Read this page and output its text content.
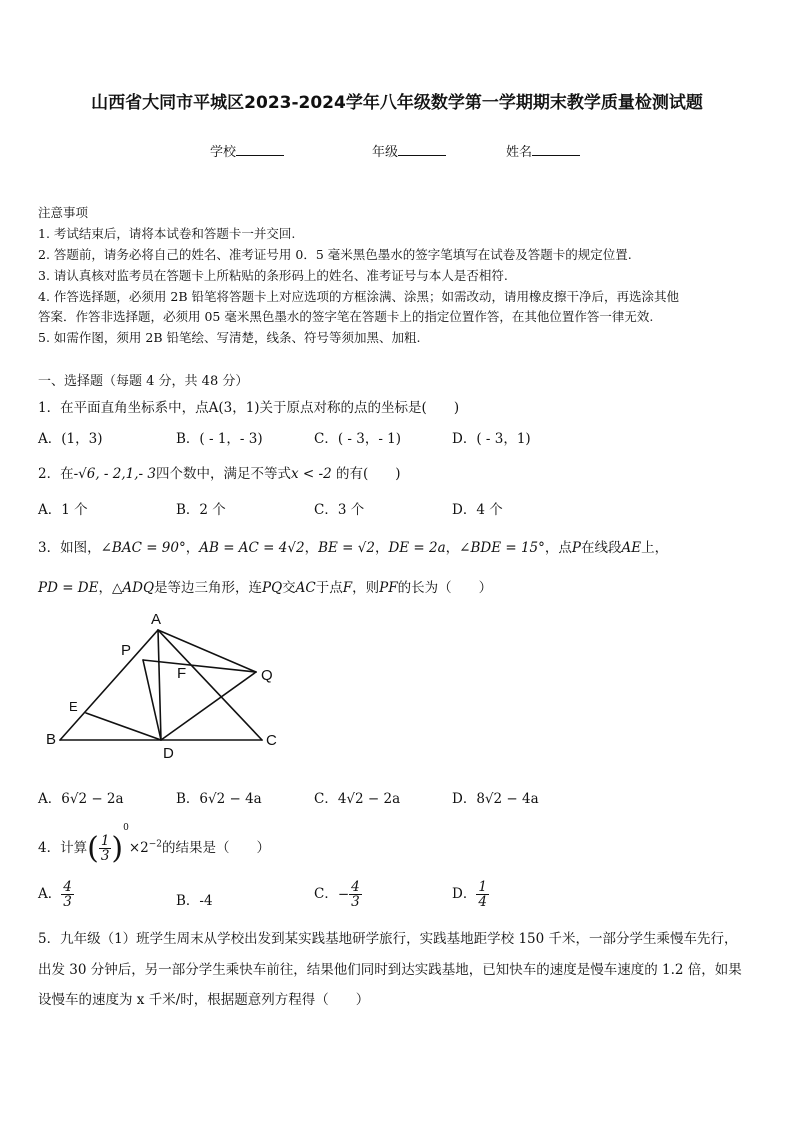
山西省大同市平城区2023-2024学年八年级数学第一学期期末教学质量检测试题
学校	年级	姓名
注意事项
1. 考试结束后，请将本试卷和答题卡一并交回.
2. 答题前，请务必将自己的姓名、准考证号用 0．5 毫米黑色墨水的签字笔填写在试卷及答题卡的规定位置.
3. 请认真核对监考员在答题卡上所粘贴的条形码上的姓名、准考证号与本人是否相符.
4. 作答选择题，必须用 2B 铅笔将答题卡上对应选项的方框涂满、涂黑；如需改动，请用橡皮擦干净后，再选涂其他
答案．作答非选择题，必须用 05 毫米黑色墨水的签字笔在答题卡上的指定位置作答，在其他位置作答一律无效.
5. 如需作图，须用 2B 铅笔绘、写清楚，线条、符号等须加黑、加粗.
一、选择题（每题 4 分，共 48 分）
1．在平面直角坐标系中，点A(3，1)关于原点对称的点的坐标是(　　)
A．(1，3)	B．( - 1，- 3)	C．( - 3，- 1)	D．( - 3，1)
2．在-√6, - 2,1,- 3四个数中，满足不等式x < -2 的有(　　)
A．1 个	B．2 个	C．3 个	D．4 个
3．如图，∠BAC = 90°，AB = AC = 4√2，BE = √2，DE = 2a，∠BDE = 15°，点P在线段AE上，
PD = DE，△ADQ是等边三角形，连PQ交AC于点F，则PF的长为（　　）
A
P
F	Q
E
B
D
C
A．6√2 − 2a	B．6√2 − 4a	C．4√2 − 2a	D．8√2 − 4a
4．计算( $\frac{1}{3} )^0\times 2^{-2}$的结果是（　　）
A． $\frac{4}{3}$	B．-4	C．− $\frac{4}{3}$	D． $\frac{1}{4}$
5．九年级（1）班学生周末从学校出发到某实践基地研学旅行，实践基地距学校 150 千米，一部分学生乘慢车先行，
出发 30 分钟后，另一部分学生乘快车前往，结果他们同时到达实践基地，已知快车的速度是慢车速度的 1.2 倍，如果
设慢车的速度为 x 千米/时，根据题意列方程得（　　）
